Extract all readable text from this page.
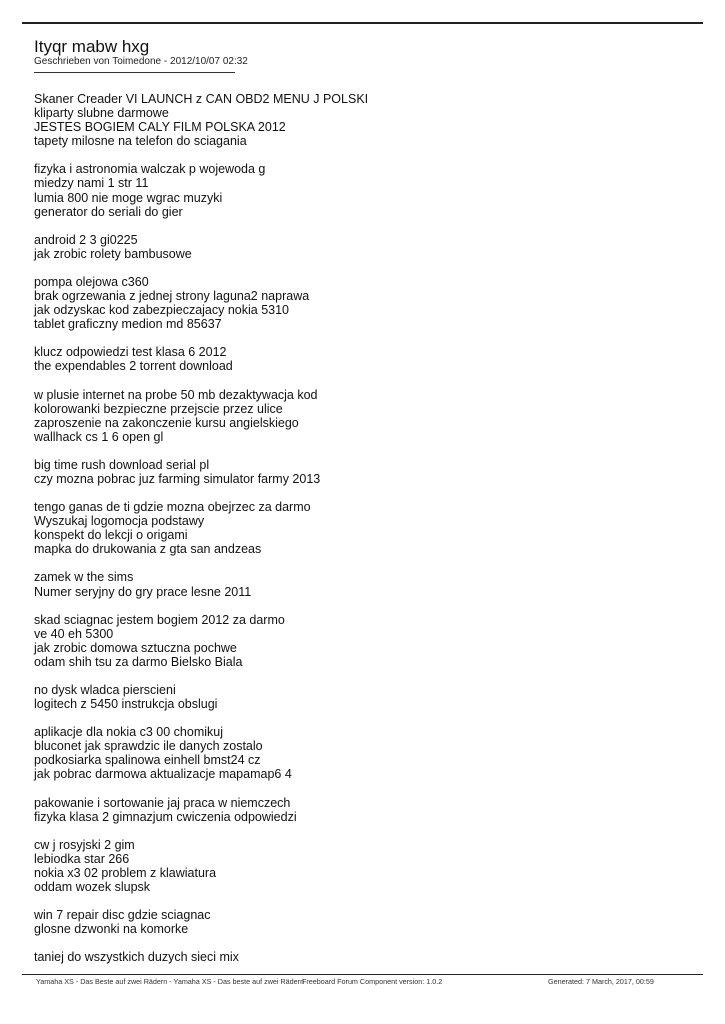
Ityqr mabw hxg
Geschrieben von Toimedone - 2012/10/07 02:32
Skaner Creader VI LAUNCH z CAN OBD2 MENU J POLSKI
kliparty slubne darmowe
JESTES BOGIEM CALY FILM POLSKA 2012
tapety milosne na telefon do sciagania
fizyka i astronomia walczak p wojewoda g
miedzy nami 1 str 11
lumia 800 nie moge wgrac muzyki
generator do seriali do gier
android 2 3 gi0225
jak zrobic rolety bambusowe
pompa olejowa c360
brak ogrzewania z jednej strony laguna2 naprawa
jak odzyskac kod zabezpieczajacy nokia 5310
tablet graficzny medion md 85637
klucz odpowiedzi test klasa 6 2012
the expendables 2 torrent download
w plusie internet na probe 50 mb dezaktywacja kod
kolorowanki bezpieczne przejscie przez ulice
zaproszenie na zakonczenie kursu angielskiego
wallhack cs 1 6 open gl
big time rush download serial pl
czy mozna pobrac juz farming simulator farmy 2013
tengo ganas de ti gdzie mozna obejrzec za darmo
Wyszukaj logomocja podstawy
konspekt do lekcji o origami
mapka do drukowania z gta san andzeas
zamek w the sims
Numer seryjny do gry prace lesne 2011
skad sciagnac jestem bogiem 2012 za darmo
ve 40 eh 5300
jak zrobic domowa sztuczna pochwe
odam shih tsu za darmo Bielsko Biala
no dysk wladca pierscieni
logitech z 5450 instrukcja obslugi
aplikacje dla nokia c3 00 chomikuj
bluconet jak sprawdzic ile danych zostalo
podkosiarka spalinowa einhell bmst24 cz
jak pobrac darmowa aktualizacje mapamap6 4
pakowanie i sortowanie jaj praca w niemczech
fizyka klasa 2 gimnazjum cwiczenia odpowiedzi
cw j rosyjski 2 gim
lebiodka star 266
nokia x3 02 problem z klawiatura
oddam wozek slupsk
win 7 repair disc gdzie sciagnac
glosne dzwonki na komorke
taniej do wszystkich duzych sieci mix
Yamaha XS - Das Beste auf zwei Rädern - Yamaha XS - Das beste auf zwei Rädern
Freeboard Forum Component version: 1.0.2	Generated: 7 March, 2017, 00:59
